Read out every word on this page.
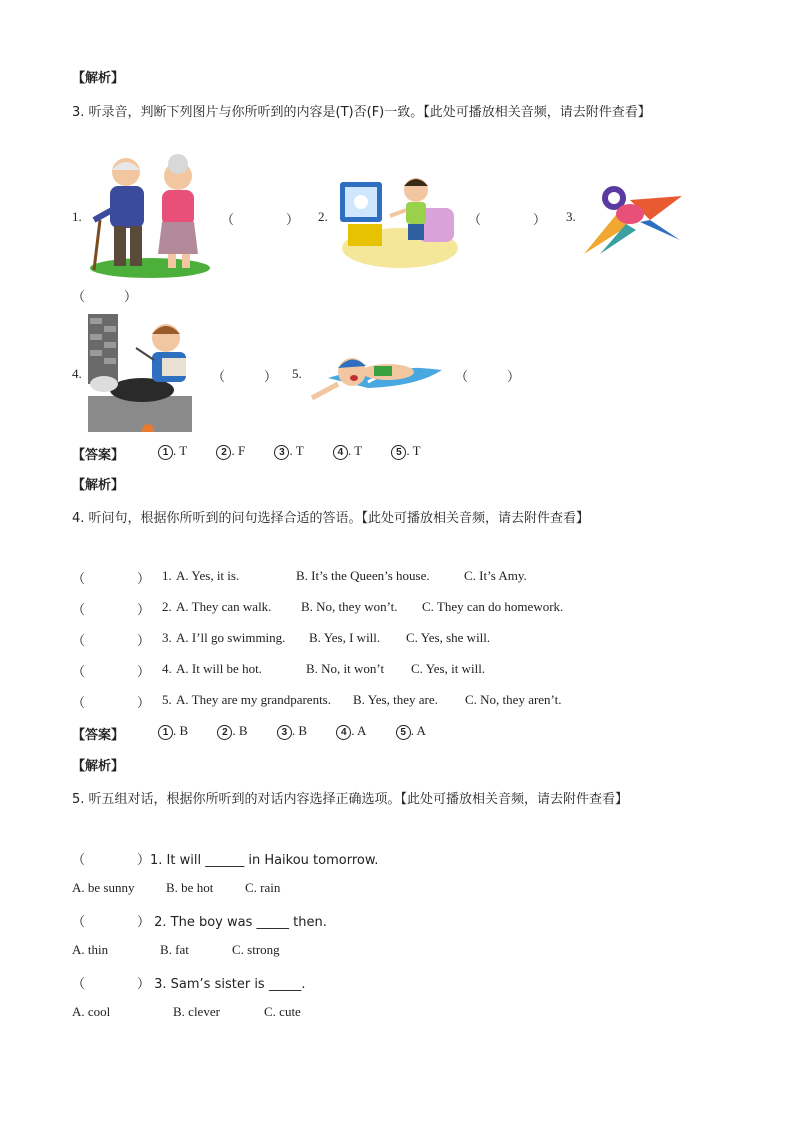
【解析】
3. 听录音，判断下列图片与你所听到的内容是(T)否(F)一致。【此处可播放相关音频，请去附件查看】
1.	（　　　　） 2.	（　　　　） 3.
（　　　）
4.	（　　　） 5.	（　　　）
【答案】	1 . T	2 . F	3 . T	4 . T	5 . T
【解析】
4. 听问句，根据你所听到的问句选择合适的答语。【此处可播放相关音频，请去附件查看】
（　　　　） 1. A. Yes, it is.	B. It’s the Queen’s house.	C. It’s Amy.
（　　　　） 2. A. They can walk. B. No, they won’t. C. They can do homework.
（　　　　） 3. A. I’ll go swimming. B. Yes, I will. C. Yes, she will.
（　　　　） 4. A. It will be hot.	B. No, it won’t C. Yes, it will.
（　　　　） 5. A. They are my grandparents. B. Yes, they are. C. No, they aren’t.
【答案】	1 . B	2 . B	3 . B	4 . A	5 . A
【解析】
5. 听五组对话，根据你所听到的对话内容选择正确选项。【此处可播放相关音频，请去附件查看】
（　　　　）1. It will ______ in Haikou tomorrow.
A. be sunny B. be hot C. rain
（　　　　） 2. The boy was _____ then.
A. thin	B. fat	C. strong
（　　　　） 3. Sam’s sister is _____.
A. cool	B. clever	C. cute
